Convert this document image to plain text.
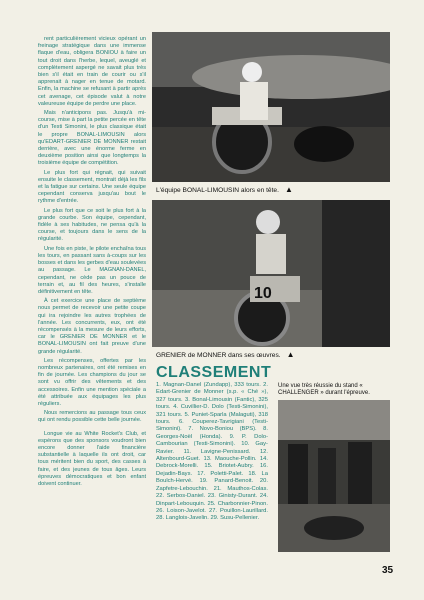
rent particulièrement vicieux opérant un freinage stratégique dans une immense flaque d'eau, obligera BONIOU à faire un tout droit dans l'herbe, lequel, aveuglé et complètement aspergé ne savait plus très bien s'il était en train de courir ou s'il apprenait à nager en tenue de motard. Enfin, la machine se refusant à partir après cet avenage, cet épisode valut à notre valeureuse équipe de perdre une place.

Mais n'anticipons pas. Jusqu'à mi-course, mise à part la petite percée en tête d'un Testi Simonini, le plus classique était le propre BONAL-LIMOUSIN alors qu'EDART-GRENIER DE MONNER restait derrière, avec une énorme ferme en deuxième position ainsi que longtemps la troisième équipe de compétition.

Le plus fort qui régnait, qui suivait ensuite le classement, montrait déjà les fils et la fatigue sur certains. Une seule équipe cependant conserva jusqu'au bout le rythme d'entrée.

Le plus fort que ce soit le plus fort à la grande courbe. Son équipe, cependant, fidèle à ses habitudes, ne pensa qu'à la course, et toujours dans le sens de la régularité.

Une fois en piste, le pilote enchaîna tous les tours, en passant sans à-coups sur les bosses et dans les gerbes d'eau soulevées au passage. Le MAGNAN-DANEL, cependant, ne cède pas un pouce de terrain et, au fil des heures, s'installe définitivement en tête.

À cet exercice une place de septième nous permet de recevoir une petite coupe qui ira rejoindre les autres trophées de l'année. Les concurrents, eux, ont été récompensés à la mesure de leurs efforts, car le GRENIER DE MONNER et le BONAL-LIMOUSIN ont fait preuve d'une grande régularité.

Les récompenses, offertes par les nombreux partenaires, ont été remises en fin de journée. Les champions du jour se sont vu offrir des vêtements et des accessoires. Enfin une mention spéciale a été attribuée aux équipages les plus réguliers.

Nous remercions au passage tous ceux qui ont rendu possible cette belle journée.

Longue vie au White Rocket's Club, et espérons que des sponsors voudront bien encore donner l'aide financière substantielle à laquelle ils ont droit, car tous méritent bien du sport, des casses à faire, et des jeunes de tous âges. Leurs épreuves démocratiques et bon enfant doivent continuer.

L'équipe BONAL-LIMOUSIN alors en tête. ▲
10
GRENIER de MONNER dans ses œuvres. ▲
CLASSEMENT
1. Magnan-Danel (Zundapp), 333 tours. 2. Edart-Grenier de Monner (s.p. « Ché »), 327 tours. 3. Bonal-Limousin (Fantic), 325 tours. 4. Cuvillier-D. Dolo (Testi-Simonini), 321 tours. 5. Puniet-Sparla (Malaguti), 318 tours. 6. Couperez-Tavrigiani (Testi-Simonini). 7. Novo-Boniou (BPS). 8. Georges-Noël (Honda). 9. P. Dolo-Cambourian (Testi-Simonini). 10. Gay-Ravier. 11. Lavigne-Penissard. 12. Altenbourd-Guet. 13. Maouche-Pollin. 14. Debrock-Morelli. 15. Briotet-Aubry. 16. Dejadin-Bays. 17. Poletti-Palet. 18. La Boulch-Hervé. 19. Panard-Benoit. 20. Zapfetre-Lebouchin. 21. Mauthos-Colas. 22. Serbos-Daniel. 23. Ginisty-Durant. 24. Dinpart-Lebouquin. 25. Charbonnier-Pinon. 26. Loison-Javelot. 27. Pouillon-Laurillard. 28. Langlois-Javelin. 29. Susu-Pellenier.
Une vue très réussie du stand « CHALLENGER » durant l'épreuve.
35
